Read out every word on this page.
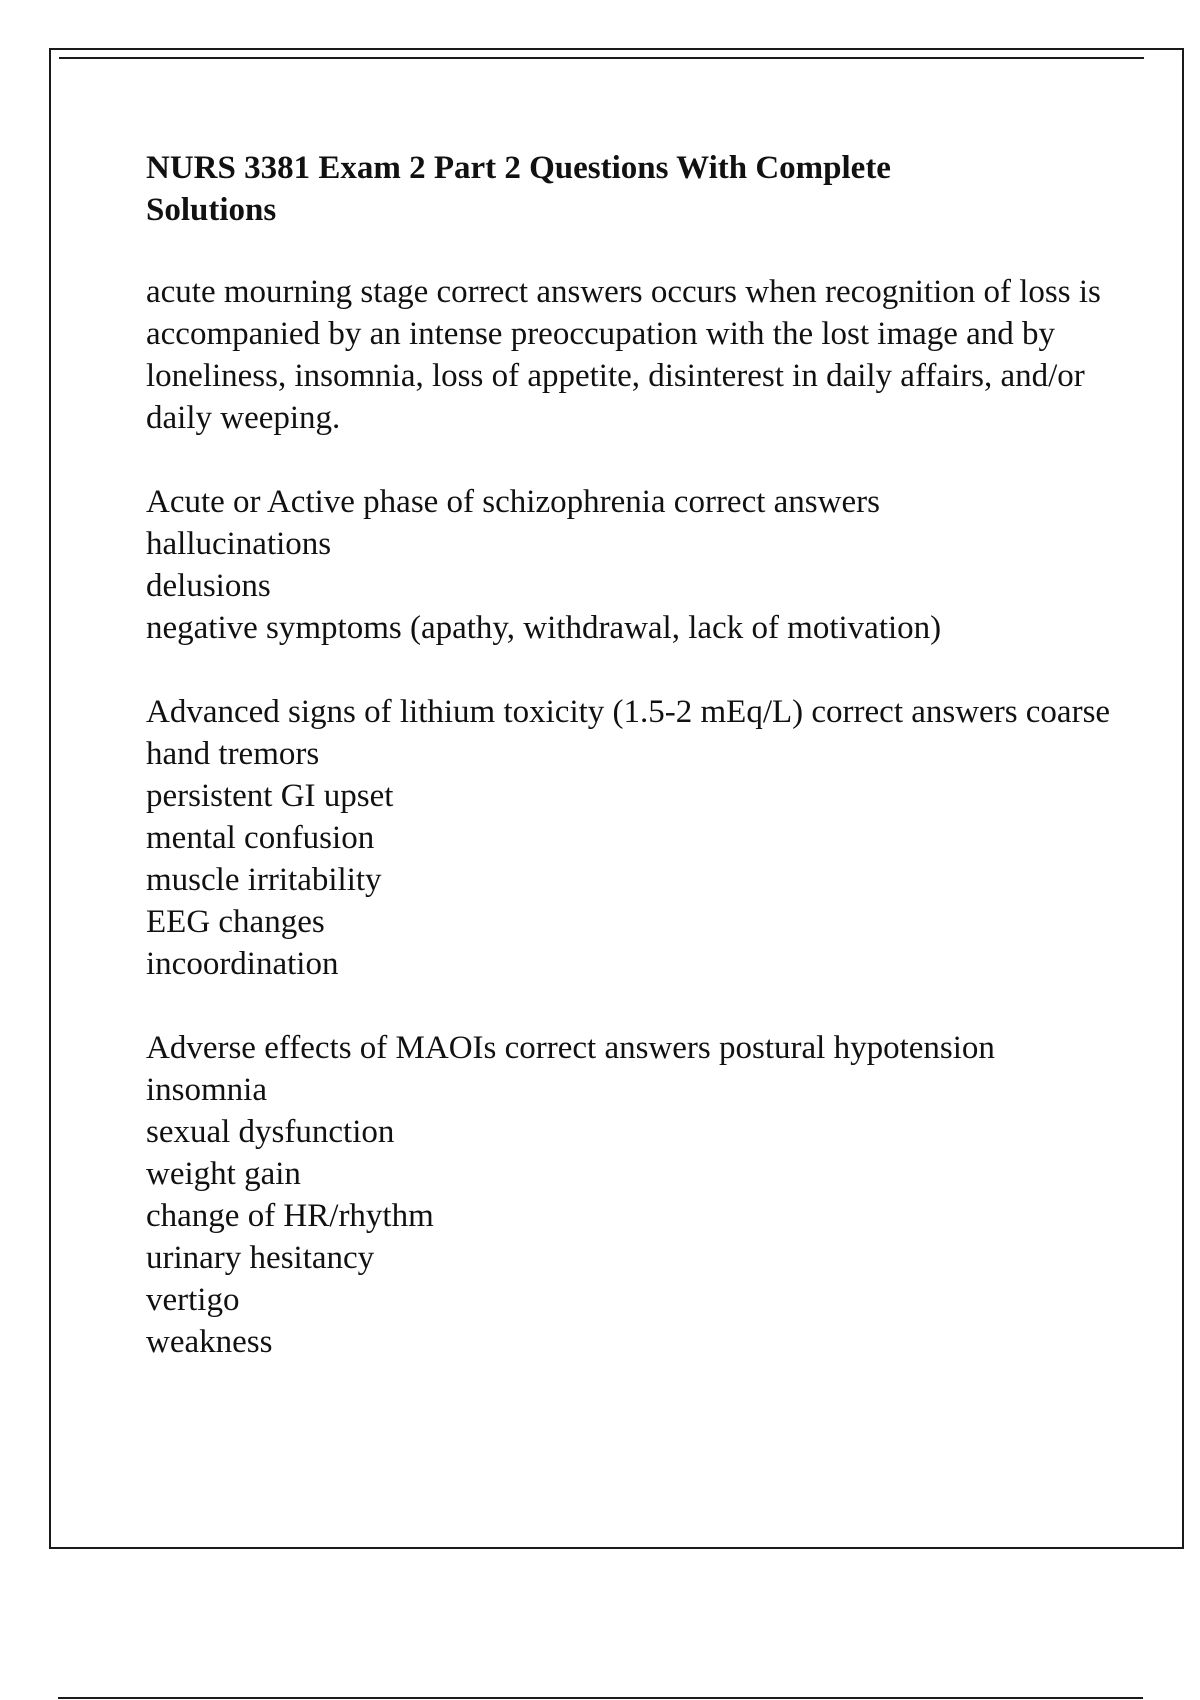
NURS 3381 Exam 2 Part 2 Questions With Complete Solutions
acute mourning stage correct answers occurs when recognition of loss is accompanied by an intense preoccupation with the lost image and by loneliness, insomnia, loss of appetite, disinterest in daily affairs, and/or daily weeping.
Acute or Active phase of schizophrenia correct answers
hallucinations
delusions
negative symptoms (apathy, withdrawal, lack of motivation)
Advanced signs of lithium toxicity (1.5-2 mEq/L) correct answers coarse hand tremors
persistent GI upset
mental confusion
muscle irritability
EEG changes
incoordination
Adverse effects of MAOIs correct answers postural hypotension
insomnia
sexual dysfunction
weight gain
change of HR/rhythm
urinary hesitancy
vertigo
weakness
